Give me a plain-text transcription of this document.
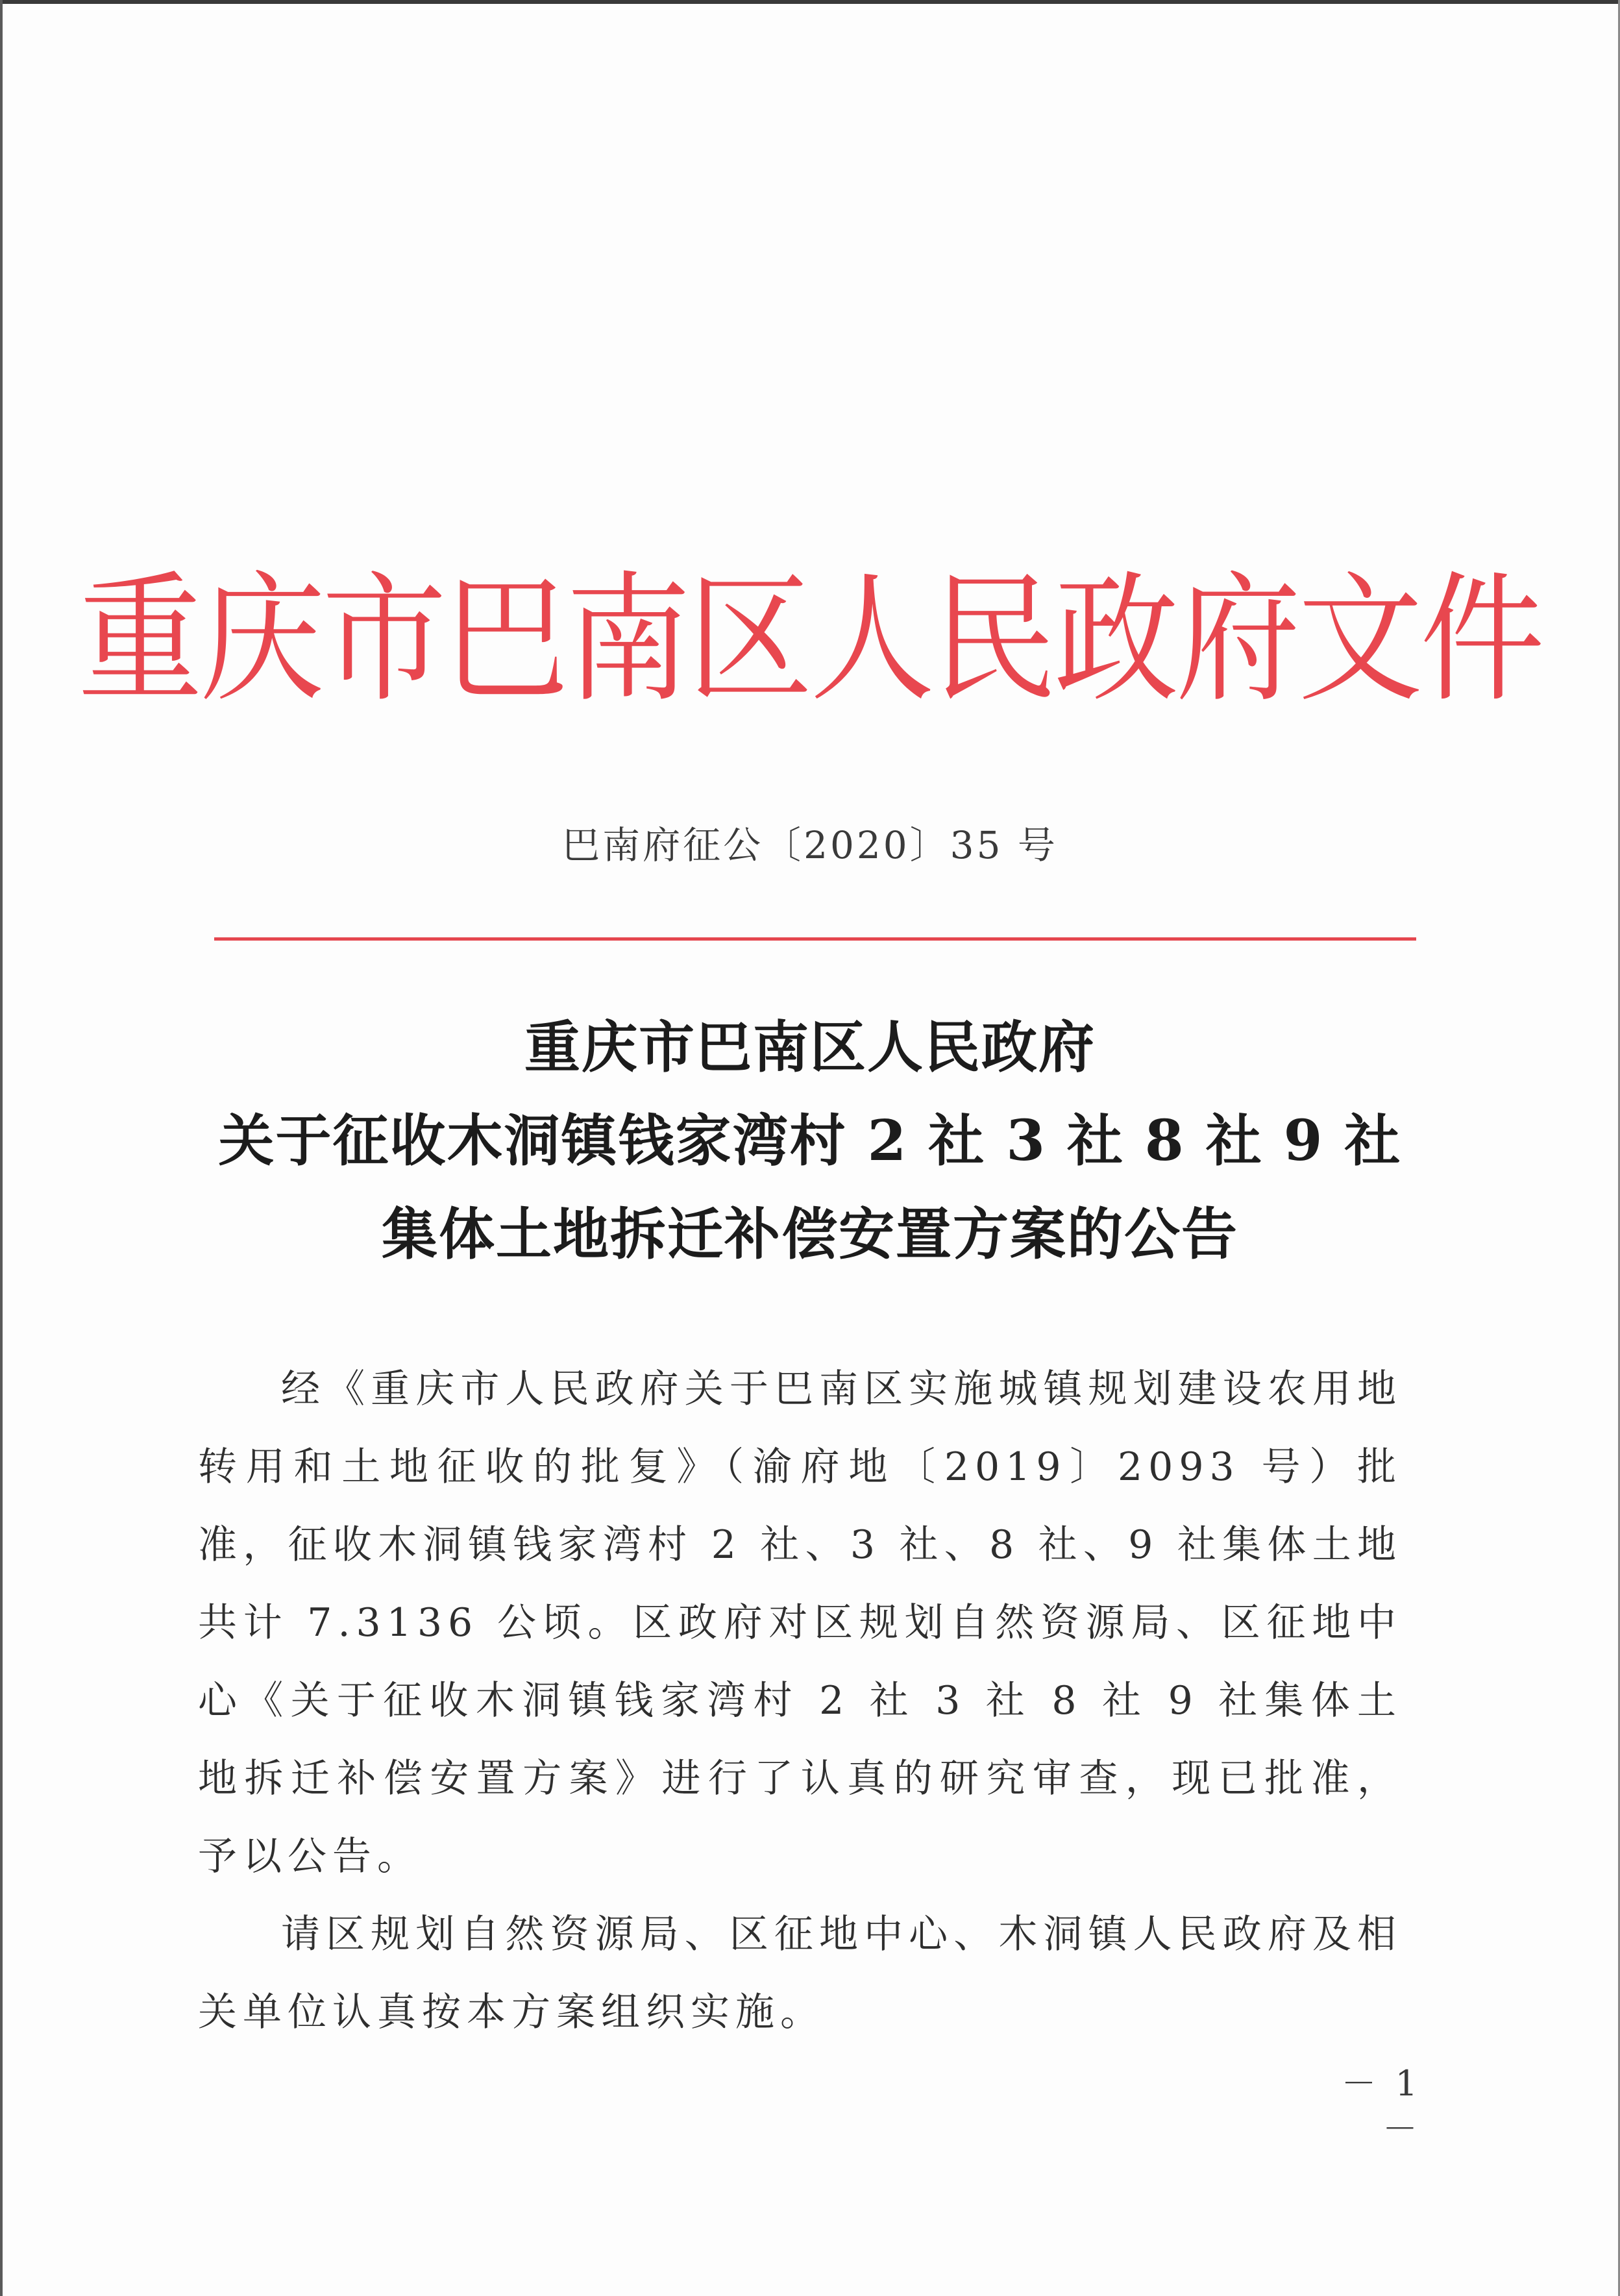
重庆市巴南区人民政府文件
巴南府征公〔2020〕35 号
重庆市巴南区人民政府
关于征收木洞镇钱家湾村 2 社 3 社 8 社 9 社
集体土地拆迁补偿安置方案的公告

经《重庆市人民政府关于巴南区实施城镇规划建设农用地转用和土地征收的批复》（渝府地〔2019〕2093 号）批准，征收木洞镇钱家湾村 2 社、3 社、8 社、9 社集体土地共计 7.3136 公顷。区政府对区规划自然资源局、区征地中心《关于征收木洞镇钱家湾村 2 社 3 社 8 社 9 社集体土地拆迁补偿安置方案》进行了认真的研究审查，现已批准，予以公告。

请区规划自然资源局、区征地中心、木洞镇人民政府及相关单位认真按本方案组织实施。

－ 1 －
